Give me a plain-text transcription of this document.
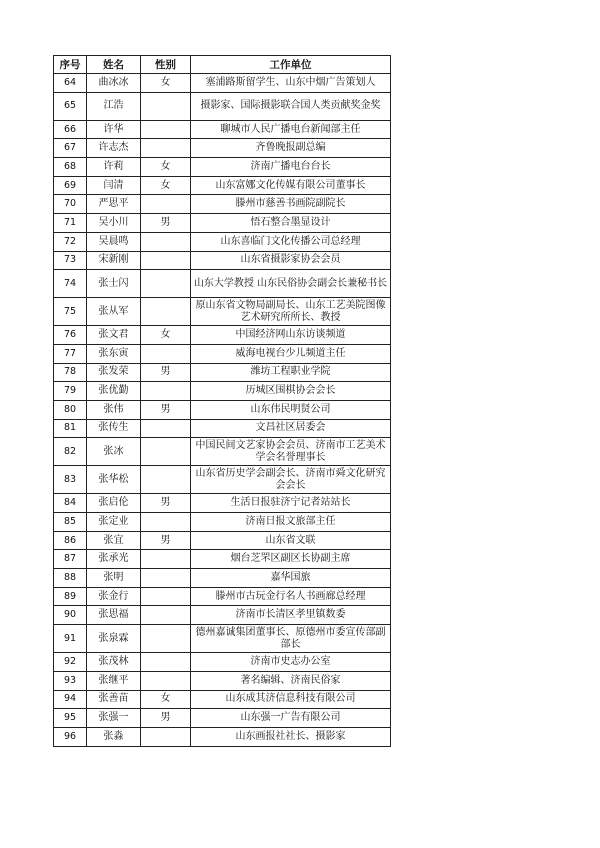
序号	姓名	性别	工作单位
64	曲冰冰	女	塞浦路斯留学生、山东中烟广告策划人
65	江浩		摄影家、国际摄影联合国人类贡献奖金奖
66	许华		聊城市人民广播电台新闻部主任
67	许志杰		齐鲁晚报副总编
68	许莉	女	济南广播电台台长
69	闫清	女	山东富娜文化传媒有限公司董事长
70	严思平		滕州市慈善书画院副院长
71	吴小川	男	悟石整合墨显设计
72	吴晨鸣		山东喜临门文化传播公司总经理
73	宋新刚		山东省摄影家协会会员
74	张士闪		山东大学教授 山东民俗协会副会长兼秘书长
75	张从军		原山东省文物局副局长、山东工艺美院图像艺术研究所所长、教授
76	张文君	女	中国经济网山东访谈频道
77	张东寅		威海电视台少儿频道主任
78	张发荣	男	潍坊工程职业学院
79	张优勤		历城区围棋协会会长
80	张伟	男	山东伟民明贤公司
81	张传生		文昌社区居委会
82	张冰		中国民间文艺家协会会员、济南市工艺美术学会名誉理事长
83	张华松		山东省历史学会副会长、济南市舜文化研究会会长
84	张启伦	男	生活日报驻济宁记者站站长
85	张定业		济南日报文旅部主任
86	张宜	男	山东省文联
87	张承光		烟台芝罘区副区长协副主席
88	张明		嘉华国旅
89	张金行		滕州市古玩金行名人书画廊总经理
90	张思福		济南市长清区孝里镇数委
91	张泉霖		德州嘉诚集团董事长、原德州市委宣传部副部长
92	张茂林		济南市史志办公室
93	张继平		著名编辑、济南民俗家
94	张善苗	女	山东成其济信息科技有限公司
95	张强一	男	山东强一广告有限公司
96	张淼		山东画报社社长、摄影家
